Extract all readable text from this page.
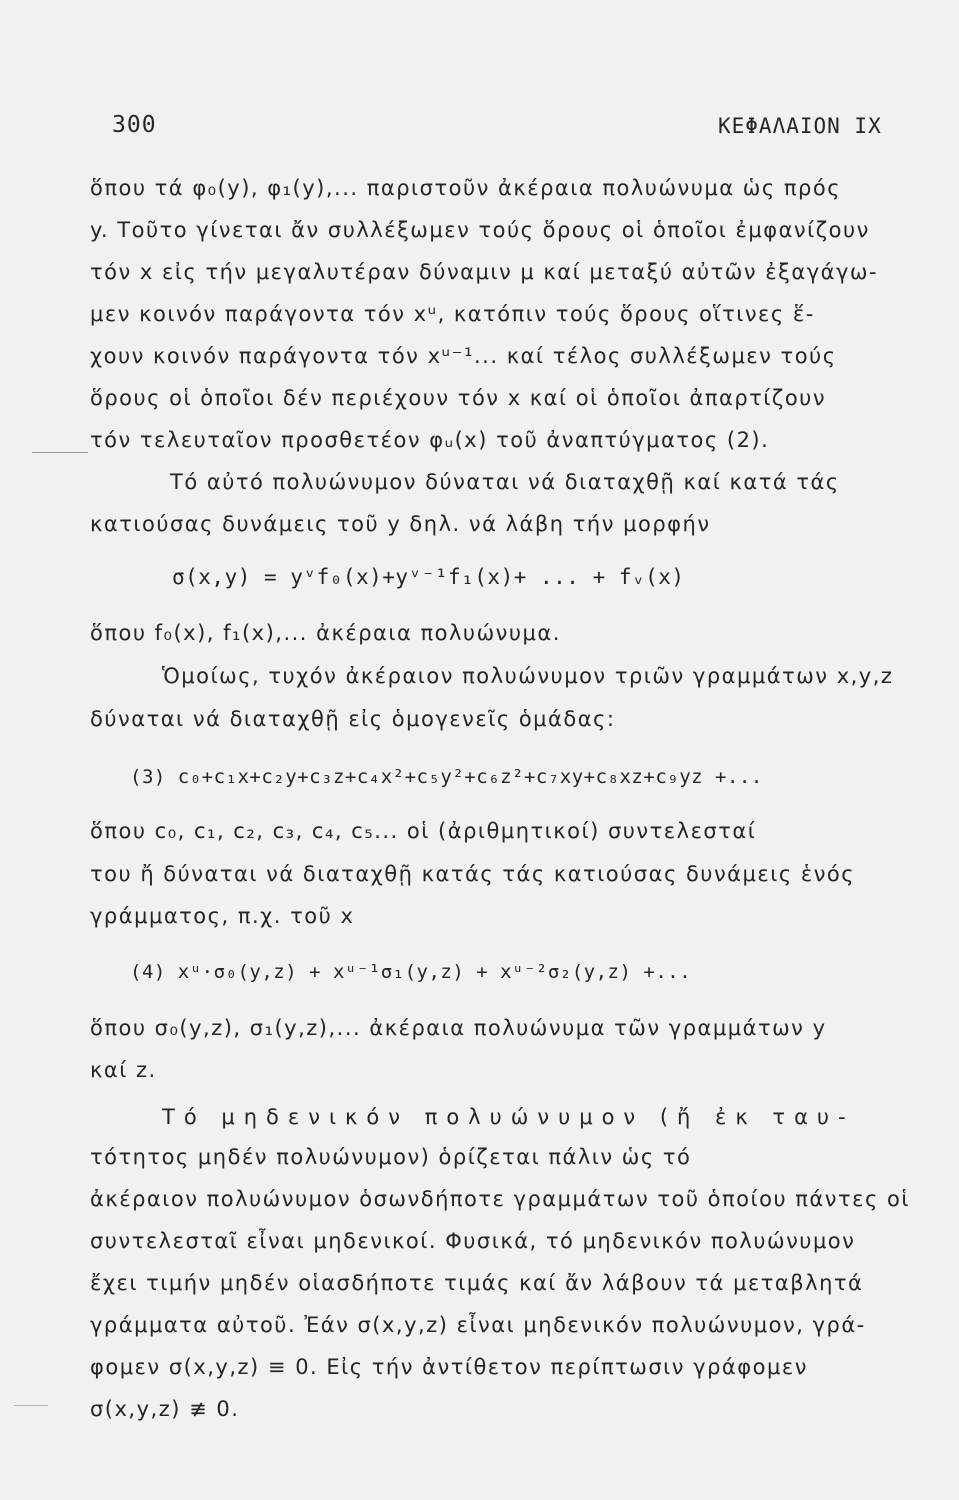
300	ΚΕΦΑΛΑΙΟΝ IX
ὅπου τά φ₀(y), φ₁(y),... παριστοῦν ἀκέραια πολυώνυμα ὡς πρός
y. Τοῦτο γίνεται ἄν συλλέξωμεν τούς ὅρους οἱ ὁποῖοι ἐμφανίζουν
τόν x εἰς τήν μεγαλυτέραν δύναμιν μ καί μεταξύ αὐτῶν ἐξαγάγω-
μεν κοινόν παράγοντα τόν xᵘ, κατόπιν τούς ὅρους οἵτινες ἕ-
χουν κοινόν παράγοντα τόν xᵘ⁻¹... καί τέλος συλλέξωμεν τούς
ὅρους οἱ ὁποῖοι δέν περιέχουν τόν x καί οἱ ὁποῖοι ἀπαρτίζουν
τόν τελευταῖον προσθετέον φᵤ(x) τοῦ ἀναπτύγματος (2).
Τό αὐτό πολυώνυμον δύναται νά διαταχθῇ καί κατά τάς
κατιούσας δυνάμεις τοῦ y δηλ. νά λάβη τήν μορφήν
σ(x,y) = yᵛf₀(x)+yᵛ⁻¹f₁(x)+ ... + fᵥ(x)
ὅπου f₀(x), f₁(x),... ἀκέραια πολυώνυμα.
Ὁμοίως, τυχόν ἀκέραιον πολυώνυμον τριῶν γραμμάτων x,y,z
δύναται νά διαταχθῇ εἰς ὁμογενεῖς ὁμάδας:
(3) c₀+c₁x+c₂y+c₃z+c₄x²+c₅y²+c₆z²+c₇xy+c₈xz+c₉yz +...
ὅπου c₀, c₁, c₂, c₃, c₄, c₅... οἱ (ἀριθμητικοί) συντελεσταί
του ἤ δύναται νά διαταχθῇ κατάς τάς κατιούσας δυνάμεις ἑνός
γράμματος, π.χ. τοῦ x
(4) xᵘ·σ₀(y,z) + xᵘ⁻¹σ₁(y,z) + xᵘ⁻²σ₂(y,z) +...
ὅπου σ₀(y,z), σ₁(y,z),... ἀκέραια πολυώνυμα τῶν γραμμάτων y
καί z.
Τό μηδενικόν πολυώνυμον (ἤ ἐκ ταυ-
τότητος μηδέν πολυώνυμον) ὁρίζεται πάλιν ὡς τό
ἀκέραιον πολυώνυμον ὁσωνδήποτε γραμμάτων τοῦ ὁποίου πάντες οἱ
συντελεσταῖ εἶναι μηδενικοί. Φυσικά, τό μηδενικόν πολυώνυμον
ἔχει τιμήν μηδέν οἱασδήποτε τιμάς καί ἄν λάβουν τά μεταβλητά
γράμματα αὐτοῦ. Ἐάν σ(x,y,z) εἶναι μηδενικόν πολυώνυμον, γρά-
φομεν σ(x,y,z) ≡ 0. Εἰς τήν ἀντίθετον περίπτωσιν γράφομεν
σ(x,y,z) ≢ 0.
